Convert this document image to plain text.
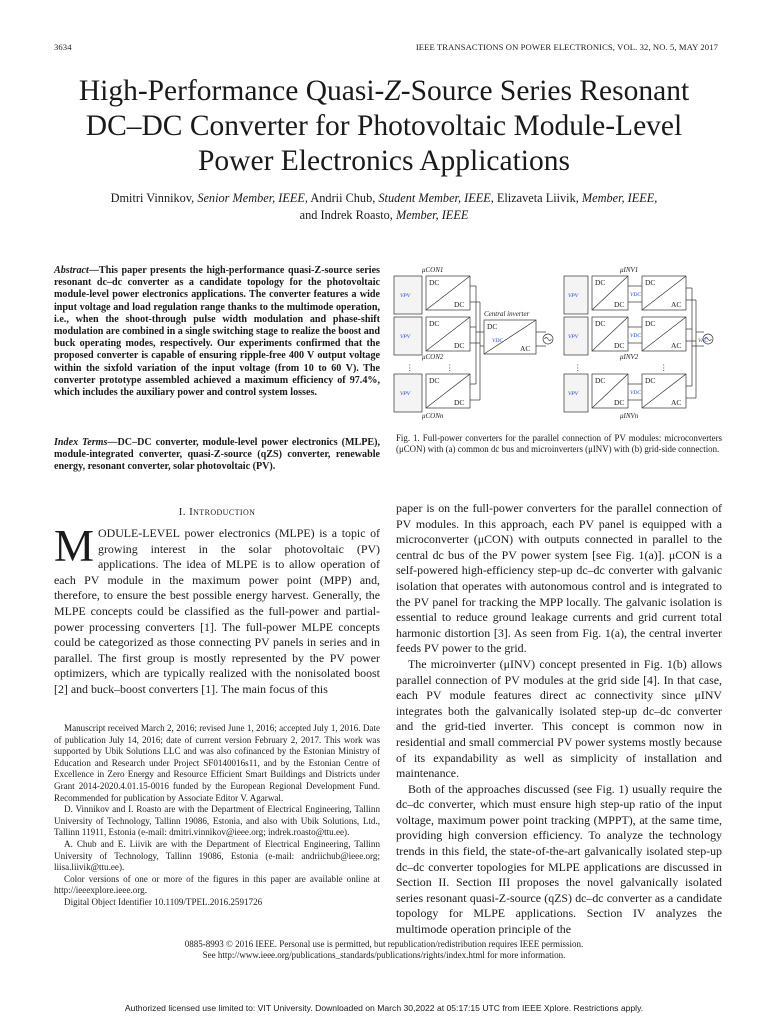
3634	IEEE TRANSACTIONS ON POWER ELECTRONICS, VOL. 32, NO. 5, MAY 2017
High-Performance Quasi-Z-Source Series Resonant
DC–DC Converter for Photovoltaic Module-Level
Power Electronics Applications
Dmitri Vinnikov, Senior Member, IEEE, Andrii Chub, Student Member, IEEE, Elizaveta Liivik, Member, IEEE,
and Indrek Roasto, Member, IEEE
Abstract—This paper presents the high-performance quasi-Z-source series resonant dc–dc converter as a candidate topology for the photovoltaic module-level power electronics applications. The converter features a wide input voltage and load regulation range thanks to the multimode operation, i.e., when the shoot-through pulse width modulation and phase-shift modulation are combined in a single switching stage to realize the boost and buck operating modes, respectively. Our experiments confirmed that the proposed converter is capable of ensuring ripple-free 400 V output voltage within the sixfold variation of the input voltage (from 10 to 60 V). The converter prototype assembled achieved a maximum efficiency of 97.4%, which includes the auxiliary power and control system losses.
Index Terms—DC–DC converter, module-level power electronics (MLPE), module-integrated converter, quasi-Z-source (qZS) converter, renewable energy, resonant converter, solar photovoltaic (PV).
I. Introduction
MODULE-LEVEL power electronics (MLPE) is a topic of growing interest in the solar photovoltaic (PV) applications. The idea of MLPE is to allow operation of each PV module in the maximum power point (MPP) and, therefore, to ensure the best possible energy harvest. Generally, the MLPE concepts could be classified as the full-power and partial-power processing converters [1]. The full-power MLPE concepts could be categorized as those connecting PV panels in series and in parallel. The first group is mostly represented by the PV power optimizers, which are typically realized with the nonisolated boost [2] and buck–boost converters [1]. The main focus of this

Manuscript received March 2, 2016; revised June 1, 2016; accepted July 1, 2016. Date of publication July 14, 2016; date of current version February 2, 2017. This work was supported by Ubik Solutions LLC and was also cofinanced by the Estonian Ministry of Education and Research under Project SF0140016s11, and by the Estonian Centre of Excellence in Zero Energy and Resource Efficient Smart Buildings and Districts under Grant 2014-2020.4.01.15-0016 funded by the European Regional Development Fund. Recommended for publication by Associate Editor V. Agarwal.

D. Vinnikov and I. Roasto are with the Department of Electrical Engineering, Tallinn University of Technology, Tallinn 19086, Estonia, and also with Ubik Solutions, Ltd., Tallinn 11911, Estonia (e-mail: dmitri.vinnikov@ieee.org; indrek.roasto@ttu.ee).

A. Chub and E. Liivik are with the Department of Electrical Engineering, Tallinn University of Technology, Tallinn 19086, Estonia (e-mail: andriichub@ieee.org; liisa.liivik@ttu.ee).

Color versions of one or more of the figures in this paper are available online at http://ieeexplore.ieee.org.

Digital Object Identifier 10.1109/TPEL.2016.2591726

μCON1
μCON2
μCONn
μINV1
μINV2
μINVn
Central inverter
DC
DC
DC
DC
DC
DC
DC
AC
DC
DC
DC
AC
DC
DC
DC
AC
DC
DC
DC
AC
VPV
VPV
VPV
VPV
VPV
VPV
VDC
VDC
VDC
VDC
VAC
⋮	⋮	⋮	⋮
Fig. 1. Full-power converters for the parallel connection of PV modules: microconverters (μCON) with (a) common dc bus and microinverters (μINV) with (b) grid-side connection.

paper is on the full-power converters for the parallel connection of PV modules. In this approach, each PV panel is equipped with a microconverter (μCON) with outputs connected in parallel to the central dc bus of the PV power system [see Fig. 1(a)]. μCON is a self-powered high-efficiency step-up dc–dc converter with galvanic isolation that operates with autonomous control and is integrated to the PV panel for tracking the MPP locally. The galvanic isolation is essential to reduce ground leakage currents and grid current total harmonic distortion [3]. As seen from Fig. 1(a), the central inverter feeds PV power to the grid.

The microinverter (μINV) concept presented in Fig. 1(b) allows parallel connection of PV modules at the grid side [4]. In that case, each PV module features direct ac connectivity since μINV integrates both the galvanically isolated step-up dc–dc converter and the grid-tied inverter. This concept is common now in residential and small commercial PV power systems mostly because of its expandability as well as simplicity of installation and maintenance.

Both of the approaches discussed (see Fig. 1) usually require the dc–dc converter, which must ensure high step-up ratio of the input voltage, maximum power point tracking (MPPT), at the same time, providing high conversion efficiency. To analyze the technology trends in this field, the state-of-the-art galvanically isolated step-up dc–dc converter topologies for MLPE applications are discussed in Section II. Section III proposes the novel galvanically isolated series resonant quasi-Z-source (qZS) dc–dc converter as a candidate topology for MLPE applications. Section IV analyzes the multimode operation principle of the

0885-8993 © 2016 IEEE. Personal use is permitted, but republication/redistribution requires IEEE permission.
See http://www.ieee.org/publications_standards/publications/rights/index.html for more information.
Authorized licensed use limited to: VIT University. Downloaded on March 30,2022 at 05:17:15 UTC from IEEE Xplore. Restrictions apply.
